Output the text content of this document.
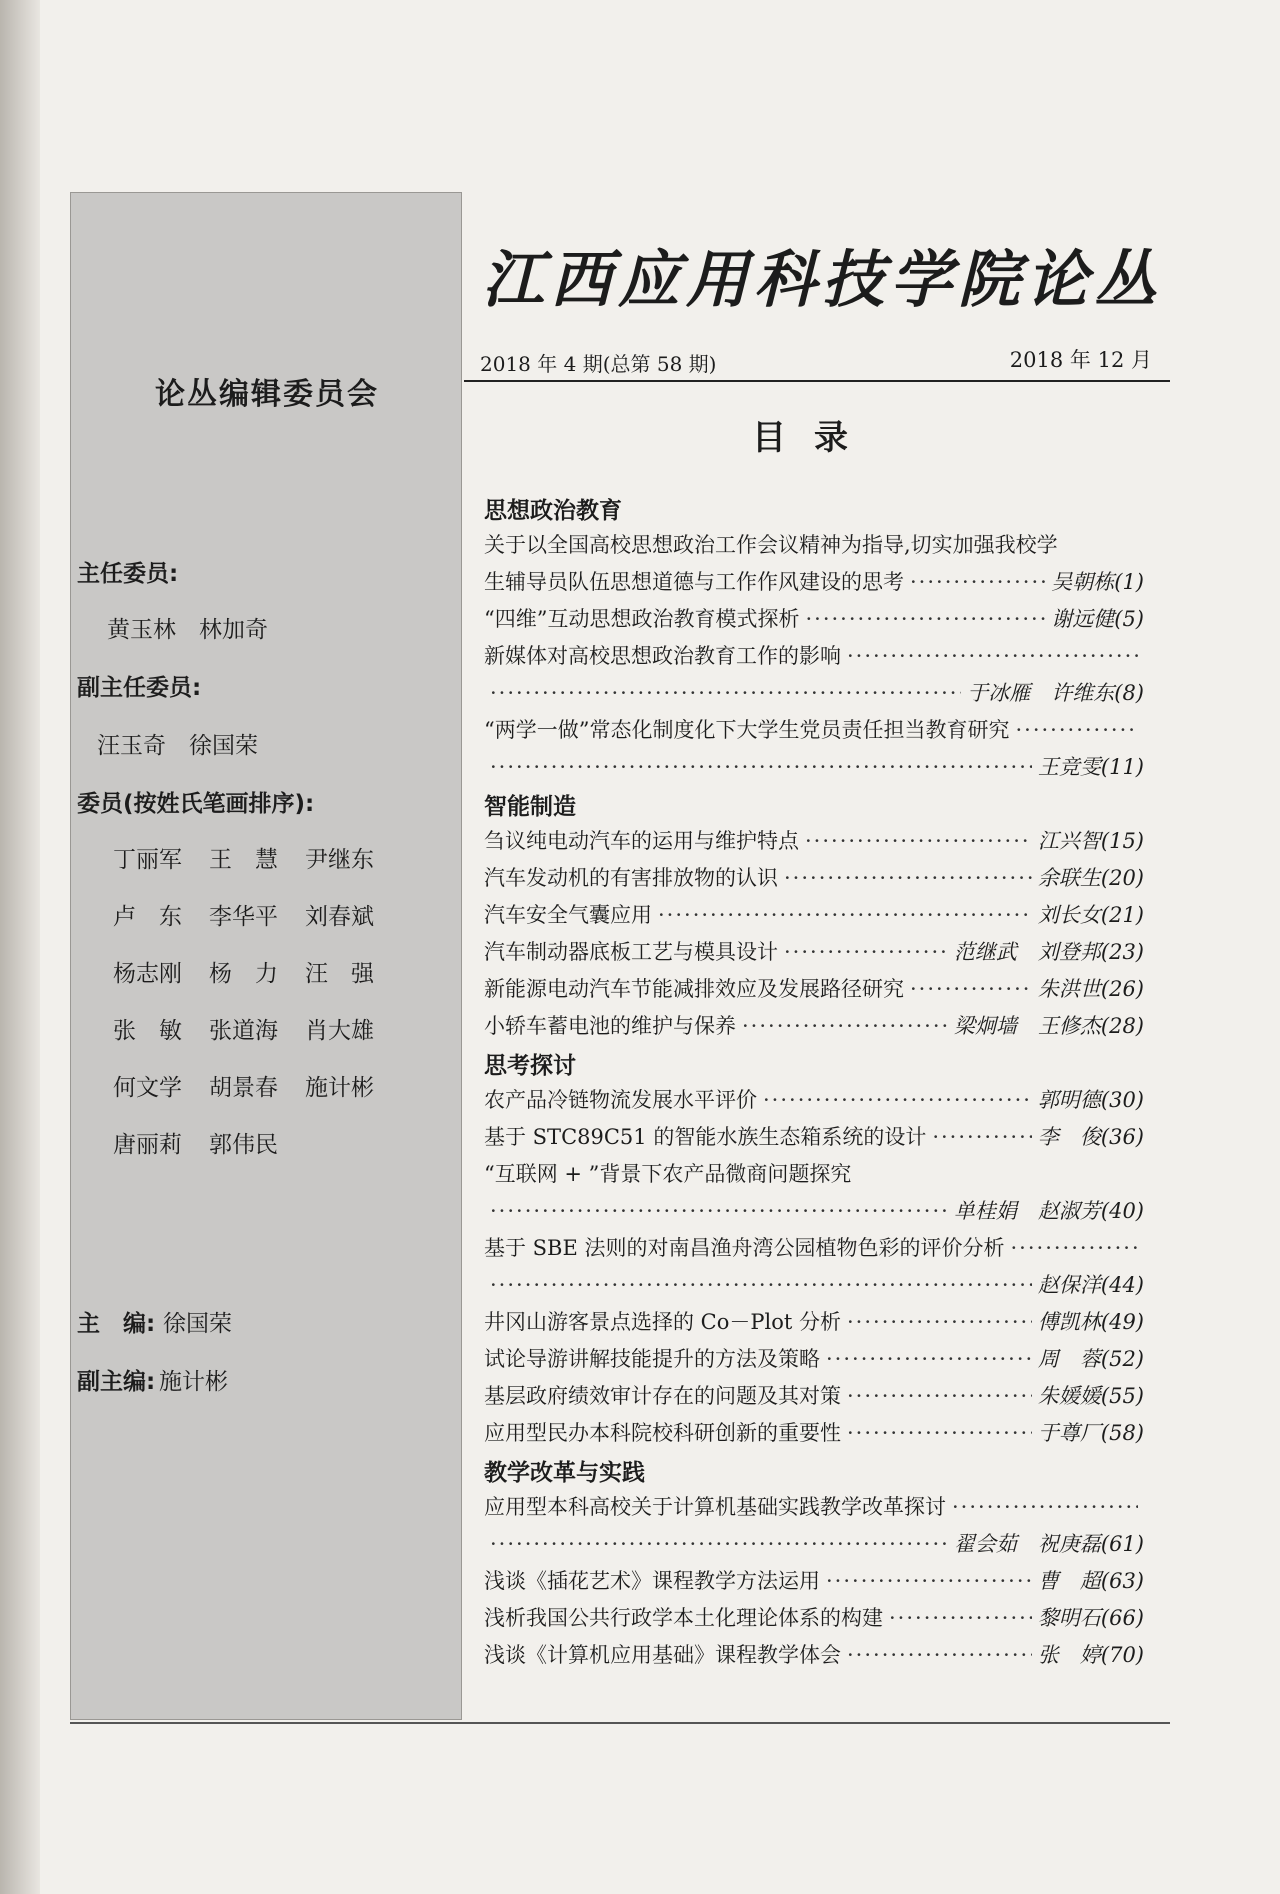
论丛编辑委员会
主任委员:
黄玉林　林加奇
副主任委员:
汪玉奇　徐国荣
委员(按姓氏笔画排序):
丁丽军	王　慧	尹继东
卢　东	李华平	刘春斌
杨志刚	杨　力	汪　强
张　敏	张道海	肖大雄
何文学	胡景春	施计彬
唐丽莉	郭伟民
主　编: 徐国荣
副主编: 施计彬
江西应用科技学院论丛
2018 年 4 期(总第 58 期)	2018 年 12 月
目录
思想政治教育
关于以全国高校思想政治工作会议精神为指导,切实加强我校学
生辅导员队伍思想道德与工作作风建设的思考 ·····	吴朝栋(1)
“四维”互动思想政治教育模式探析 ·····	谢远健(5)
新媒体对高校思想政治教育工作的影响
·····
·····
于冰雁　许维东(8)
“两学一做”常态化制度化下大学生党员责任担当教育研究
·····
·····
王竞雯(11)
智能制造
刍议纯电动汽车的运用与维护特点 ·····	江兴智(15)
汽车发动机的有害排放物的认识 ·····	余联生(20)
汽车安全气囊应用 ·····	刘长女(21)
汽车制动器底板工艺与模具设计 ·····	范继武　刘登邦(23)
新能源电动汽车节能减排效应及发展路径研究 ·····	朱洪世(26)
小轿车蓄电池的维护与保养 ·····	梁炯墙　王修杰(28)
思考探讨
农产品冷链物流发展水平评价 ·····	郭明德(30)
基于 STC89C51 的智能水族生态箱系统的设计 ·····	李　俊(36)
“互联网 + ”背景下农产品微商问题探究
·····
单桂娟　赵淑芳(40)
基于 SBE 法则的对南昌渔舟湾公园植物色彩的评价分析
·····
·····
赵保洋(44)
井冈山游客景点选择的 Co－Plot 分析 ·····	傅凯林(49)
试论导游讲解技能提升的方法及策略 ·····	周　蓉(52)
基层政府绩效审计存在的问题及其对策 ·····	朱媛媛(55)
应用型民办本科院校科研创新的重要性 ·····	于尊厂(58)
教学改革与实践
应用型本科高校关于计算机基础实践教学改革探讨
·····
·····
翟会茹　祝庚磊(61)
浅谈《插花艺术》课程教学方法运用 ·····	曹　超(63)
浅析我国公共行政学本土化理论体系的构建 ·····	黎明石(66)
浅谈《计算机应用基础》课程教学体会 ·····	张　婷(70)
